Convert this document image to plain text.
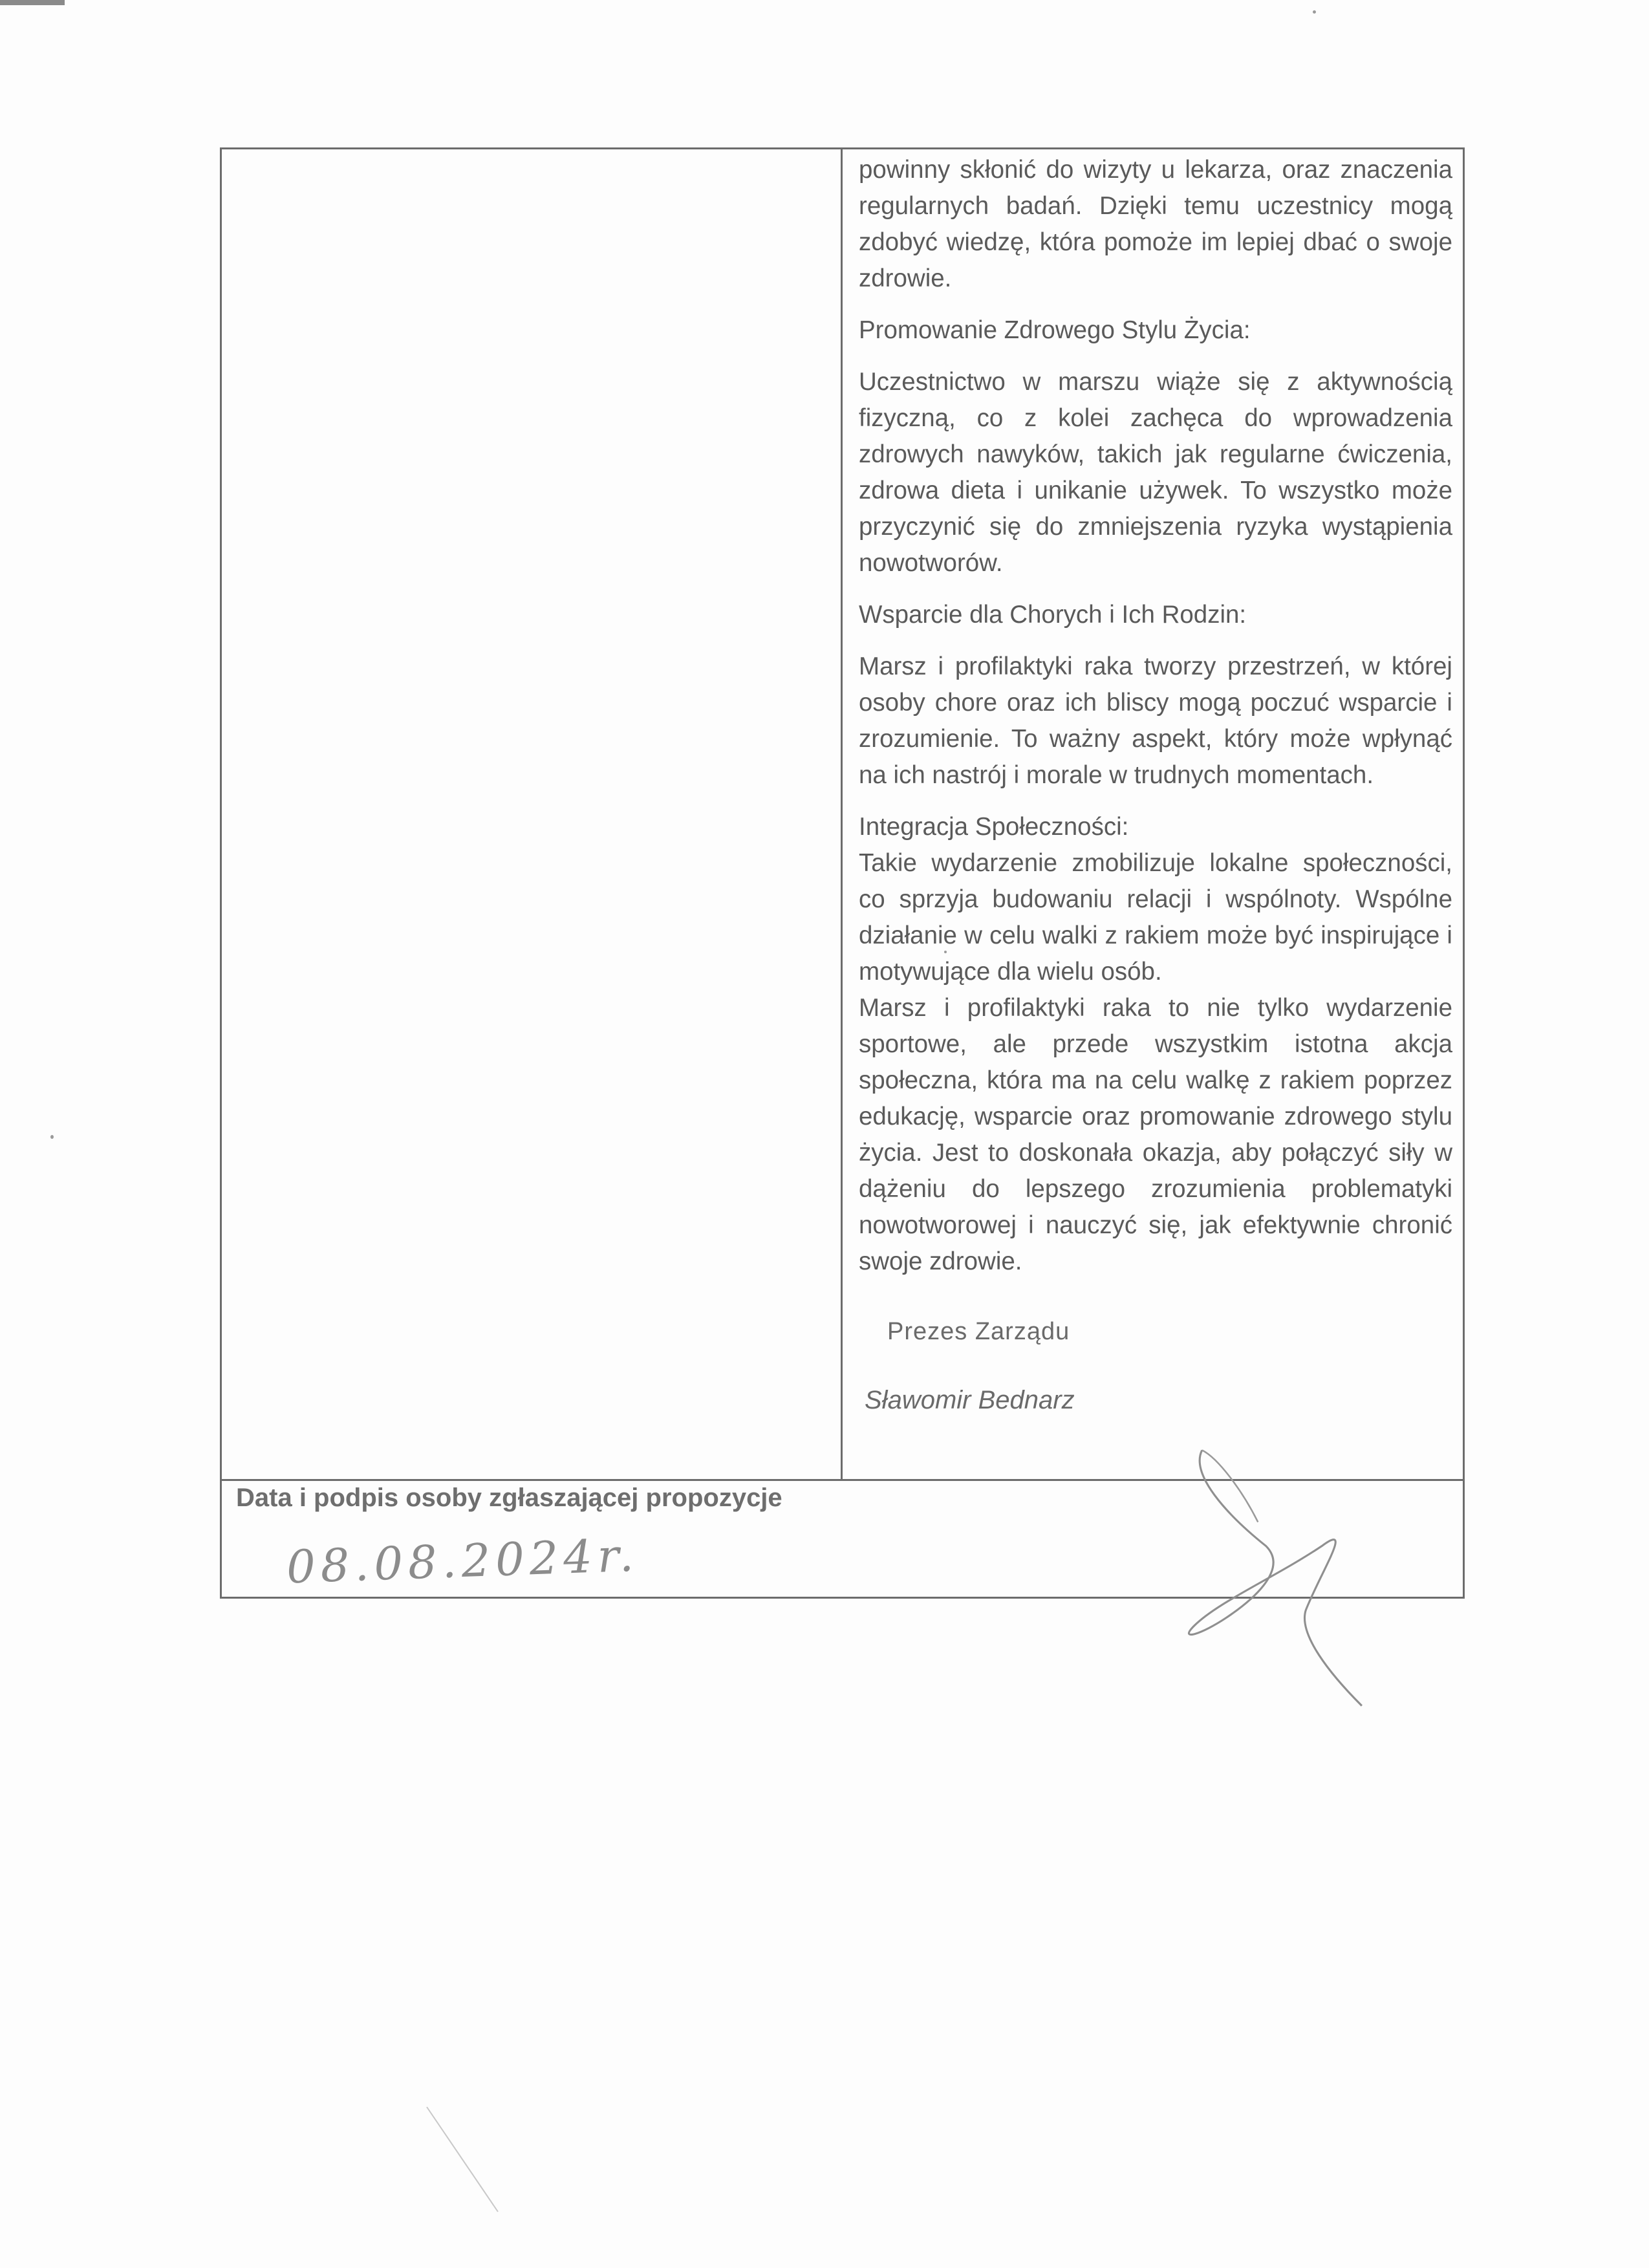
powinny skłonić do wizyty u lekarza, oraz znaczenia regularnych badań. Dzięki temu uczestnicy mogą zdobyć wiedzę, która pomoże im lepiej dbać o swoje zdrowie.

Promowanie Zdrowego Stylu Życia:

Uczestnictwo w marszu wiąże się z aktywnością fizyczną, co z kolei zachęca do wprowadzenia zdrowych nawyków, takich jak regularne ćwiczenia, zdrowa dieta i unikanie używek. To wszystko może przyczynić się do zmniejszenia ryzyka wystąpienia nowotworów.

Wsparcie dla Chorych i Ich Rodzin:

Marsz i profilaktyki raka tworzy przestrzeń, w której osoby chore oraz ich bliscy mogą poczuć wsparcie i zrozumienie. To ważny aspekt, który może wpłynąć na ich nastrój i morale w trudnych momentach.

Integracja Społeczności:

Takie wydarzenie zmobilizuje lokalne społeczności, co sprzyja budowaniu relacji i wspólnoty. Wspólne działanie w celu walki z rakiem może być inspirujące i motywujące dla wielu osób.

Marsz i profilaktyki raka to nie tylko wydarzenie sportowe, ale przede wszystkim istotna akcja społeczna, która ma na celu walkę z rakiem poprzez edukację, wsparcie oraz promowanie zdrowego stylu życia. Jest to doskonała okazja, aby połączyć siły w dążeniu do lepszego zrozumienia problematyki nowotworowej i nauczyć się, jak efektywnie chronić swoje zdrowie.

Data i podpis osoby zgłaszającej propozycje
08.08.2024r.
Prezes Zarządu
Sławomir Bednarz
